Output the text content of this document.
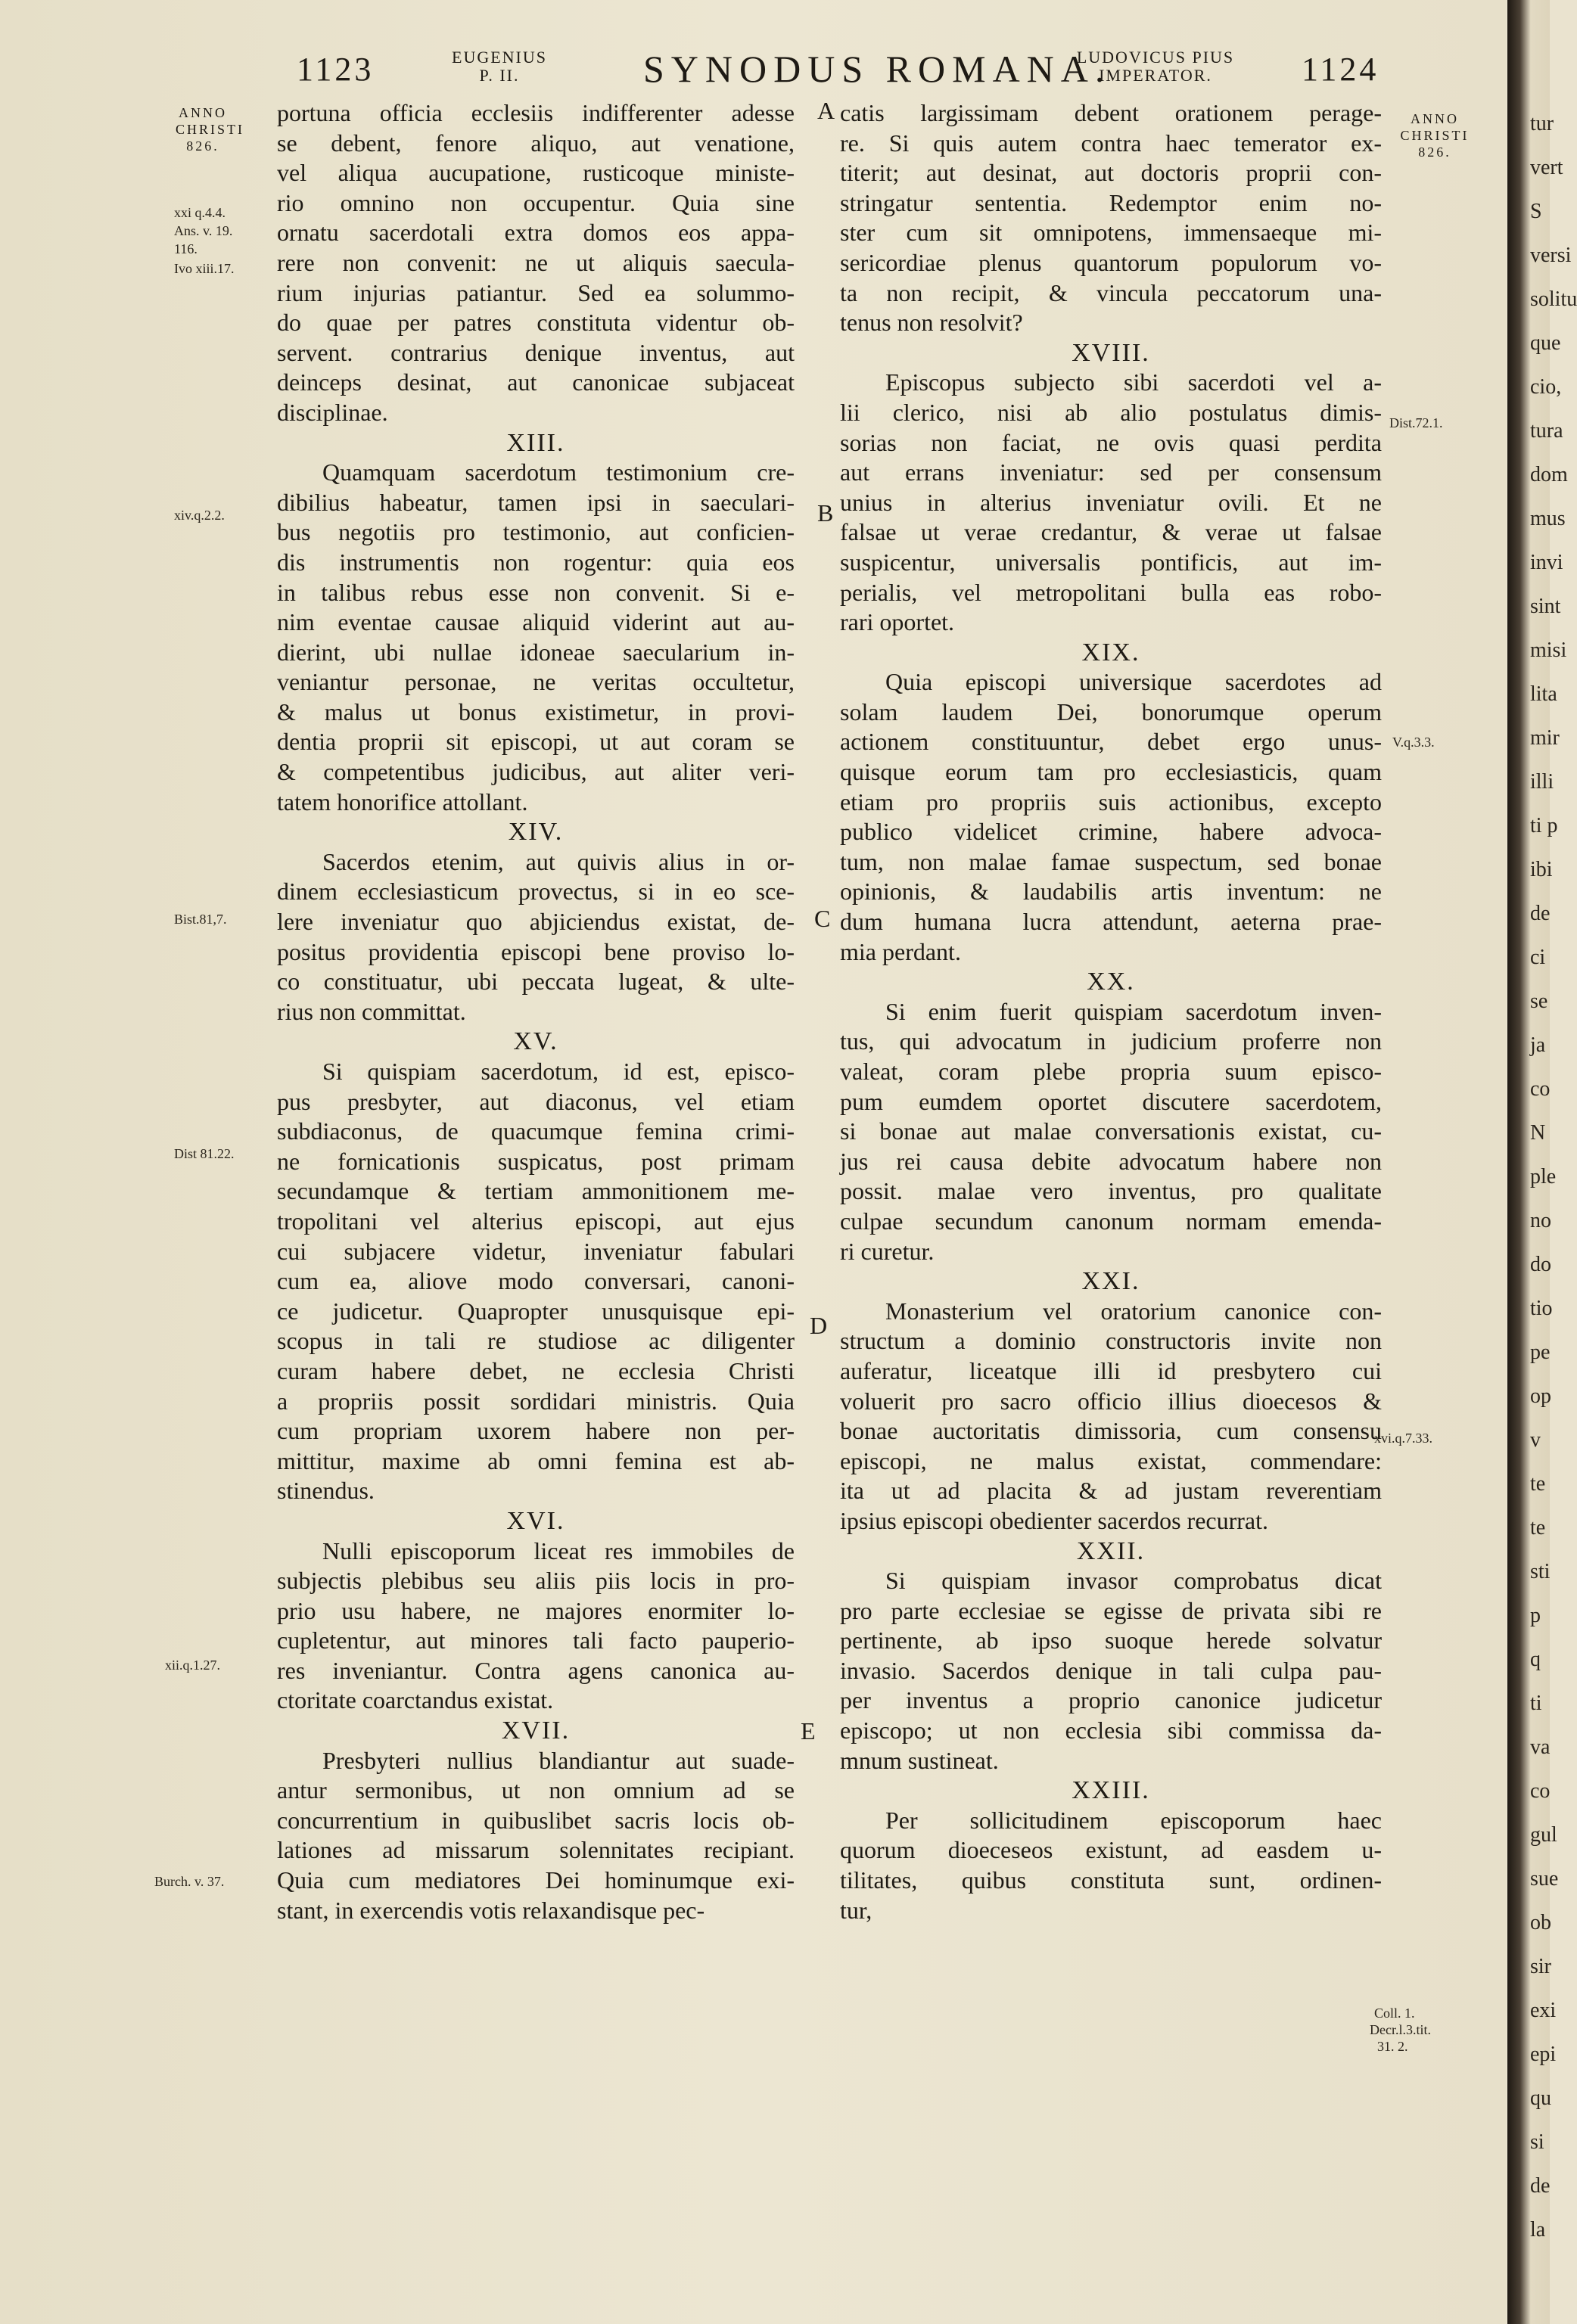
1123	EUGENIUS
P. II.	SYNODUS ROMANA.
LUDOVICUS PIUS
IMPERATOR.	1124
ANNO
CHRISTI
826.
ANNO
CHRISTI
826.
xxi q.4.4.
Ans. v. 19.
116.
Ivo xiii.17.
xiv.q.2.2.
Bist.81,7.
Dist 81.22.
xii.q.1.27.
Burch. v. 37.
Dist.72.1.
V.q.3.3.
xvi.q.7.33.
Coll. 1.
Decr.l.3.tit.
31. 2.
A
B
C
D
E
portuna officia ecclesiis indifferenter adesse
se debent, fenore aliquo, aut venatione,
vel aliqua aucupatione, rusticoque ministe-
rio omnino non occupentur. Quia sine
ornatu sacerdotali extra domos eos appa-
rere non convenit: ne ut aliquis saecula-
rium injurias patiantur. Sed ea solummo-
do quae per patres constituta videntur ob-
servent. contrarius denique inventus, aut
deinceps desinat, aut canonicae subjaceat
disciplinae.
XIII.
Quamquam sacerdotum testimonium cre-
dibilius habeatur, tamen ipsi in saeculari-
bus negotiis pro testimonio, aut conficien-
dis instrumentis non rogentur: quia eos
in talibus rebus esse non convenit. Si e-
nim eventae causae aliquid viderint aut au-
dierint, ubi nullae idoneae saecularium in-
veniantur personae, ne veritas occultetur,
& malus ut bonus existimetur, in provi-
dentia proprii sit episcopi, ut aut coram se
& competentibus judicibus, aut aliter veri-
tatem honorifice attollant.
XIV.
Sacerdos etenim, aut quivis alius in or-
dinem ecclesiasticum provectus, si in eo sce-
lere inveniatur quo abjiciendus existat, de-
positus providentia episcopi bene proviso lo-
co constituatur, ubi peccata lugeat, & ulte-
rius non committat.
XV.
Si quispiam sacerdotum, id est, episco-
pus presbyter, aut diaconus, vel etiam
subdiaconus, de quacumque femina crimi-
ne fornicationis suspicatus, post primam
secundamque & tertiam ammonitionem me-
tropolitani vel alterius episcopi, aut ejus
cui subjacere videtur, inveniatur fabulari
cum ea, aliove modo conversari, canoni-
ce judicetur. Quapropter unusquisque epi-
scopus in tali re studiose ac diligenter
curam habere debet, ne ecclesia Christi
a propriis possit sordidari ministris. Quia
cum propriam uxorem habere non per-
mittitur, maxime ab omni femina est ab-
stinendus.
XVI.
Nulli episcoporum liceat res immobiles de
subjectis plebibus seu aliis piis locis in pro-
prio usu habere, ne majores enormiter lo-
cupletentur, aut minores tali facto pauperio-
res inveniantur. Contra agens canonica au-
ctoritate coarctandus existat.
XVII.
Presbyteri nullius blandiantur aut suade-
antur sermonibus, ut non omnium ad se
concurrentium in quibuslibet sacris locis ob-
lationes ad missarum solennitates recipiant.
Quia cum mediatores Dei hominumque exi-
stant, in exercendis votis relaxandisque pec-
catis largissimam debent orationem perage-
re. Si quis autem contra haec temerator ex-
titerit; aut desinat, aut doctoris proprii con-
stringatur sententia. Redemptor enim no-
ster cum sit omnipotens, immensaeque mi-
sericordiae plenus quantorum populorum vo-
ta non recipit, & vincula peccatorum una-
tenus non resolvit?
XVIII.
Episcopus subjecto sibi sacerdoti vel a-
lii clerico, nisi ab alio postulatus dimis-
sorias non faciat, ne ovis quasi perdita
aut errans inveniatur: sed per consensum
unius in alterius inveniatur ovili. Et ne
falsae ut verae credantur, & verae ut falsae
suspicentur, universalis pontificis, aut im-
perialis, vel metropolitani bulla eas robo-
rari oportet.
XIX.
Quia episcopi universique sacerdotes ad
solam laudem Dei, bonorumque operum
actionem constituuntur, debet ergo unus-
quisque eorum tam pro ecclesiasticis, quam
etiam pro propriis suis actionibus, excepto
publico videlicet crimine, habere advoca-
tum, non malae famae suspectum, sed bonae
opinionis, & laudabilis artis inventum: ne
dum humana lucra attendunt, aeterna prae-
mia perdant.
XX.
Si enim fuerit quispiam sacerdotum inven-
tus, qui advocatum in judicium proferre non
valeat, coram plebe propria suum episco-
pum eumdem oportet discutere sacerdotem,
si bonae aut malae conversationis existat, cu-
jus rei causa debite advocatum habere non
possit. malae vero inventus, pro qualitate
culpae secundum canonum normam emenda-
ri curetur.
XXI.
Monasterium vel oratorium canonice con-
structum a dominio constructoris invite non
auferatur, liceatque illi id presbytero cui
voluerit pro sacro officio illius dioecesos &
bonae auctoritatis dimissoria, cum consensu
episcopi, ne malus existat, commendare:
ita ut ad placita & ad justam reverentiam
ipsius episcopi obedienter sacerdos recurrat.
XXII.
Si quispiam invasor comprobatus dicat
pro parte ecclesiae se egisse de privata sibi re
pertinente, ab ipso suoque herede solvatur
invasio. Sacerdos denique in tali culpa pau-
per inventus a proprio canonice judicetur
episcopo; ut non ecclesia sibi commissa da-
mnum sustineat.
XXIII.
Per sollicitudinem episcoporum haec
quorum dioeceseos existunt, ad easdem u-
tilitates, quibus constituta sunt, ordinen-
tur,
tur
vert
S
versi
solitu
que
cio,
tura
dom
mus
invi
sint
misi
lita
mir
illi
ti p
ibi
de
ci
se
ja
co
N
ple
no
do
tio
pe
op
v
te
te
sti
p
q
ti
va
co
gul
sue
ob
sir
exi
epi
qu
si
de
la
